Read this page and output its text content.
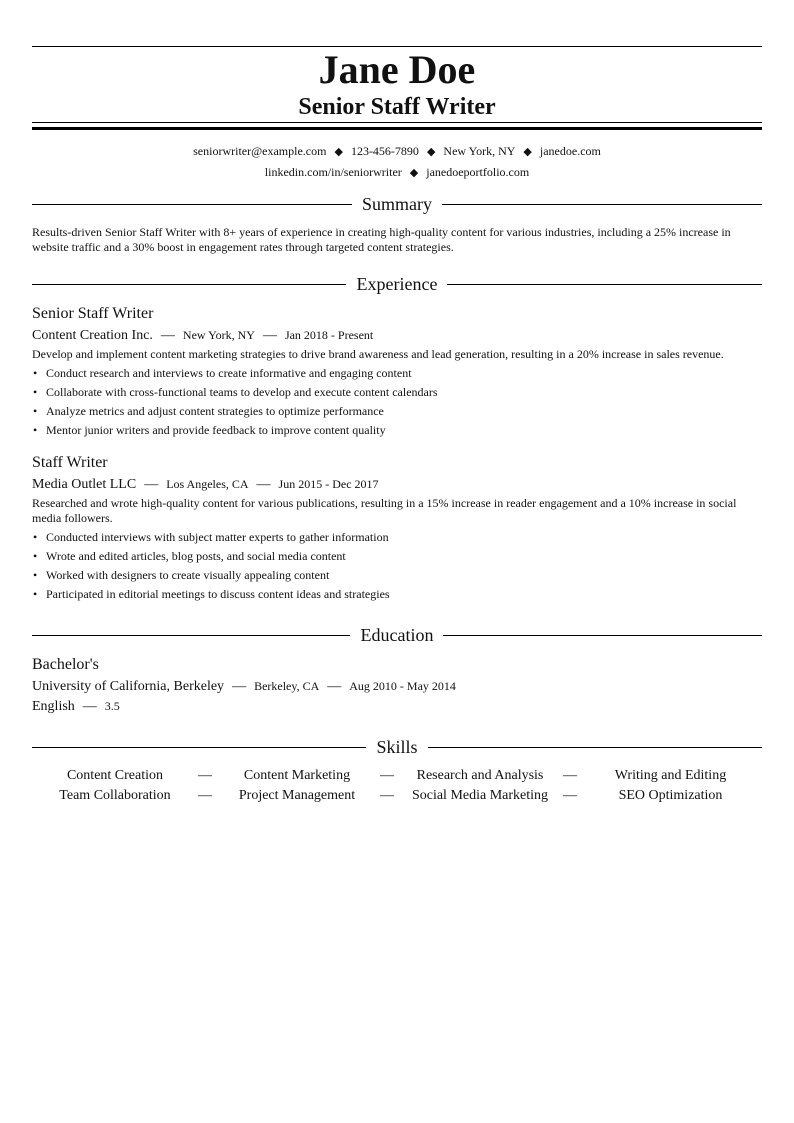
Jane Doe
Senior Staff Writer
seniorwriter@example.com ◆ 123-456-7890 ◆ New York, NY ◆ janedoe.com
linkedin.com/in/seniorwriter ◆ janedoeportfolio.com
Summary
Results-driven Senior Staff Writer with 8+ years of experience in creating high-quality content for various industries, including a 25% increase in website traffic and a 30% boost in engagement rates through targeted content strategies.
Experience
Senior Staff Writer
Content Creation Inc. — New York, NY — Jan 2018 - Present
Develop and implement content marketing strategies to drive brand awareness and lead generation, resulting in a 20% increase in sales revenue.
• Conduct research and interviews to create informative and engaging content
• Collaborate with cross-functional teams to develop and execute content calendars
• Analyze metrics and adjust content strategies to optimize performance
• Mentor junior writers and provide feedback to improve content quality
Staff Writer
Media Outlet LLC — Los Angeles, CA — Jun 2015 - Dec 2017
Researched and wrote high-quality content for various publications, resulting in a 15% increase in reader engagement and a 10% increase in social media followers.
• Conducted interviews with subject matter experts to gather information
• Wrote and edited articles, blog posts, and social media content
• Worked with designers to create visually appealing content
• Participated in editorial meetings to discuss content ideas and strategies
Education
Bachelor's
University of California, Berkeley — Berkeley, CA — Aug 2010 - May 2014
English — 3.5
Skills
Content Creation	—	Content Marketing	—	Research and Analysis	—	Writing and Editing
Team Collaboration	—	Project Management	—	Social Media Marketing	—	SEO Optimization
